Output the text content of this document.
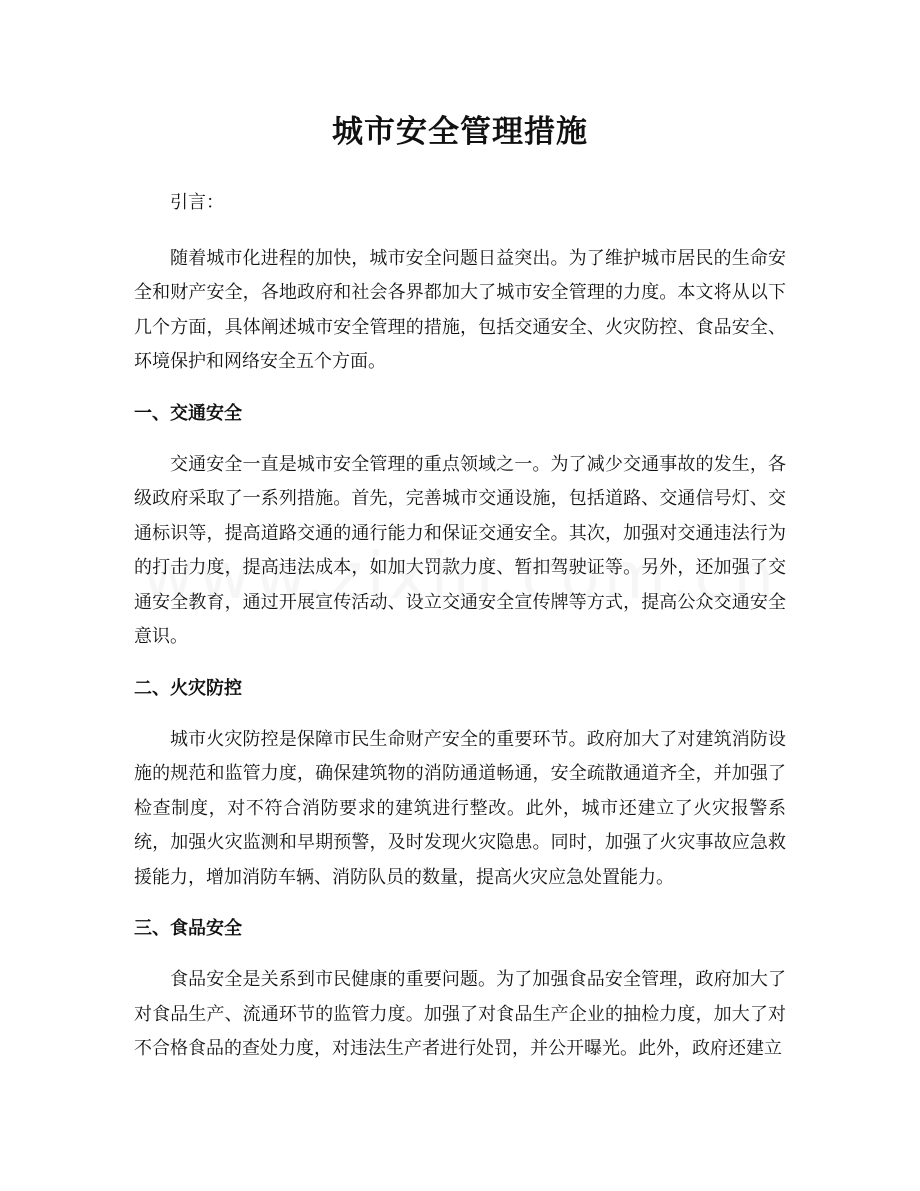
城市安全管理措施

引言：

随着城市化进程的加快，城市安全问题日益突出。为了维护城市居民的生命安全和财产安全，各地政府和社会各界都加大了城市安全管理的力度。本文将从以下几个方面，具体阐述城市安全管理的措施，包括交通安全、火灾防控、食品安全、环境保护和网络安全五个方面。

一、交通安全

交通安全一直是城市安全管理的重点领域之一。为了减少交通事故的发生，各级政府采取了一系列措施。首先，完善城市交通设施，包括道路、交通信号灯、交通标识等，提高道路交通的通行能力和保证交通安全。其次，加强对交通违法行为的打击力度，提高违法成本，如加大罚款力度、暂扣驾驶证等。另外，还加强了交通安全教育，通过开展宣传活动、设立交通安全宣传牌等方式，提高公众交通安全意识。

二、火灾防控

城市火灾防控是保障市民生命财产安全的重要环节。政府加大了对建筑消防设施的规范和监管力度，确保建筑物的消防通道畅通，安全疏散通道齐全，并加强了检查制度，对不符合消防要求的建筑进行整改。此外，城市还建立了火灾报警系统，加强火灾监测和早期预警，及时发现火灾隐患。同时，加强了火灾事故应急救援能力，增加消防车辆、消防队员的数量，提高火灾应急处置能力。

三、食品安全

食品安全是关系到市民健康的重要问题。为了加强食品安全管理，政府加大了对食品生产、流通环节的监管力度。加强了对食品生产企业的抽检力度，加大了对不合格食品的查处力度，对违法生产者进行处罚，并公开曝光。此外，政府还建立
